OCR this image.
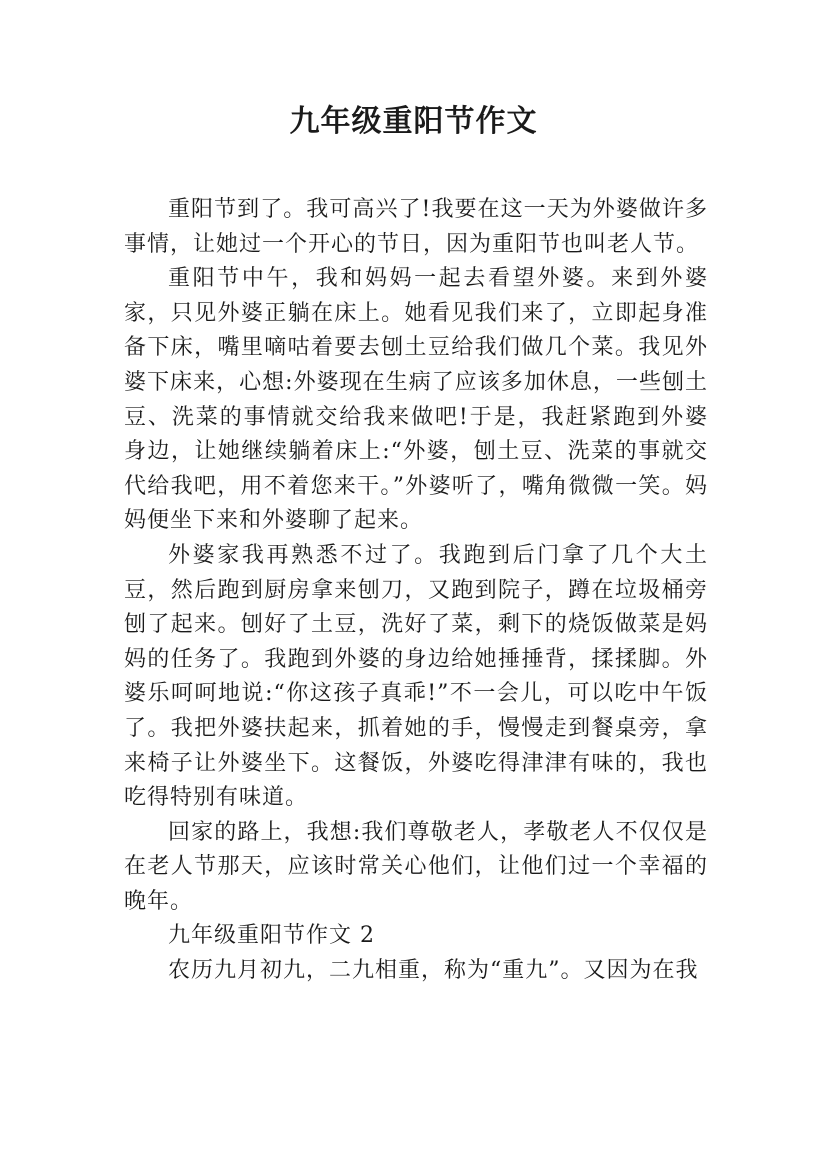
九年级重阳节作文

重阳节到了。我可高兴了!我要在这一天为外婆做许多事情，让她过一个开心的节日，因为重阳节也叫老人节。

重阳节中午，我和妈妈一起去看望外婆。来到外婆家，只见外婆正躺在床上。她看见我们来了，立即起身准备下床，嘴里嘀咕着要去刨土豆给我们做几个菜。我见外婆下床来，心想:外婆现在生病了应该多加休息，一些刨土豆、洗菜的事情就交给我来做吧!于是，我赶紧跑到外婆身边，让她继续躺着床上:“外婆，刨土豆、洗菜的事就交代给我吧，用不着您来干。”外婆听了，嘴角微微一笑。妈妈便坐下来和外婆聊了起来。

外婆家我再熟悉不过了。我跑到后门拿了几个大土豆，然后跑到厨房拿来刨刀，又跑到院子，蹲在垃圾桶旁刨了起来。刨好了土豆，洗好了菜，剩下的烧饭做菜是妈妈的任务了。我跑到外婆的身边给她捶捶背，揉揉脚。外婆乐呵呵地说:“你这孩子真乖!”不一会儿，可以吃中午饭了。我把外婆扶起来，抓着她的手，慢慢走到餐桌旁，拿来椅子让外婆坐下。这餐饭，外婆吃得津津有味的，我也吃得特别有味道。

回家的路上，我想:我们尊敬老人，孝敬老人不仅仅是在老人节那天，应该时常关心他们，让他们过一个幸福的晚年。

九年级重阳节作文 2

农历九月初九，二九相重，称为“重九”。又因为在我
